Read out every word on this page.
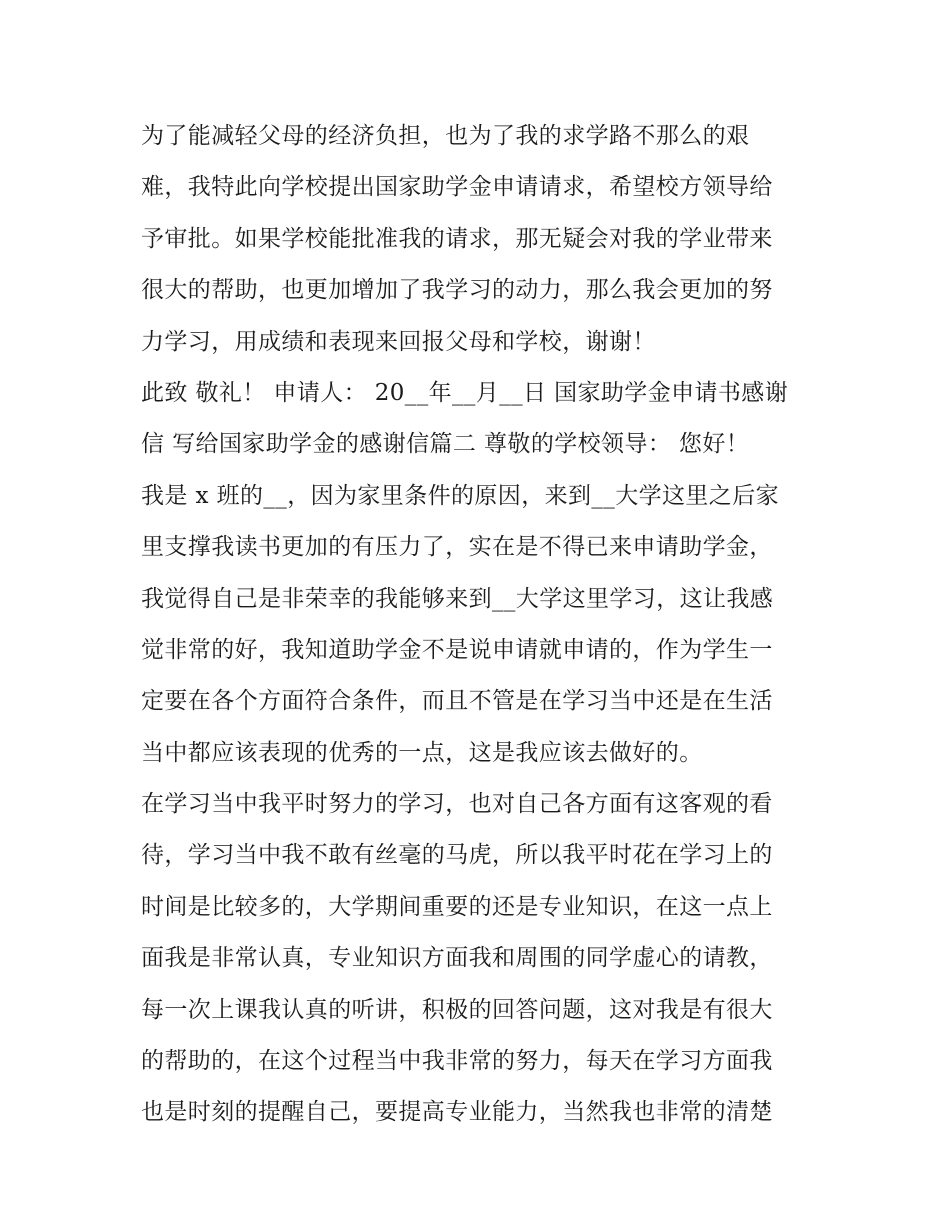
为了能减轻父母的经济负担，也为了我的求学路不那么的艰
难，我特此向学校提出国家助学金申请请求，希望校方领导给
予审批。如果学校能批准我的请求，那无疑会对我的学业带来
很大的帮助，也更加增加了我学习的动力，那么我会更加的努
力学习，用成绩和表现来回报父母和学校，谢谢！
此致 敬礼！ 申请人： 20__年__月__日 国家助学金申请书感谢
信 写给国家助学金的感谢信篇二 尊敬的学校领导： 您好！
我是 x 班的__，因为家里条件的原因，来到__大学这里之后家
里支撑我读书更加的有压力了，实在是不得已来申请助学金，
我觉得自己是非荣幸的我能够来到__大学这里学习，这让我感
觉非常的好，我知道助学金不是说申请就申请的，作为学生一
定要在各个方面符合条件，而且不管是在学习当中还是在生活
当中都应该表现的优秀的一点，这是我应该去做好的。
在学习当中我平时努力的学习，也对自己各方面有这客观的看
待，学习当中我不敢有丝毫的马虎，所以我平时花在学习上的
时间是比较多的，大学期间重要的还是专业知识，在这一点上
面我是非常认真，专业知识方面我和周围的同学虚心的请教，
每一次上课我认真的听讲，积极的回答问题，这对我是有很大
的帮助的，在这个过程当中我非常的努力，每天在学习方面我
也是时刻的提醒自己，要提高专业能力，当然我也非常的清楚
